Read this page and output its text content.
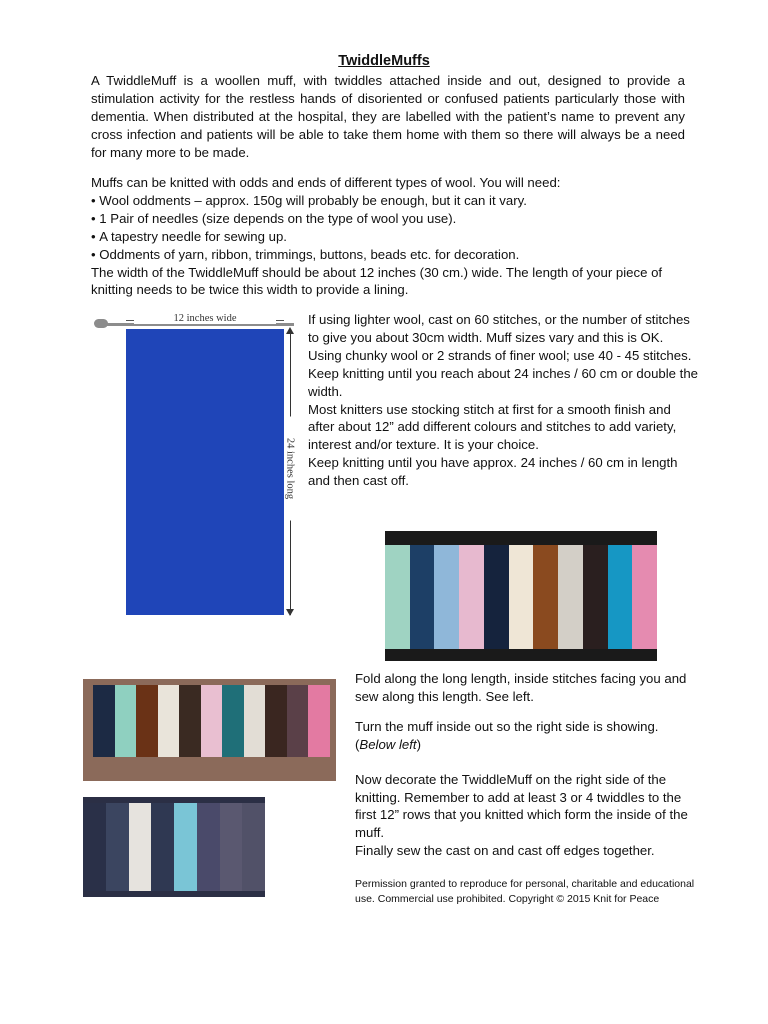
TwiddleMuffs

A TwiddleMuff is a woollen muff, with twiddles attached inside and out, designed to provide a stimulation activity for the restless hands of disoriented or confused patients particularly those with dementia. When distributed at the hospital, they are labelled with the patient’s name to prevent any cross infection and patients will be able to take them home with them so there will always be a need for many more to be made.

Muffs can be knitted with odds and ends of different types of wool. You will need:

• Wool oddments – approx. 150g will probably be enough, but it can it vary.
• 1 Pair of needles (size depends on the type of wool you use).
• A tapestry needle for sewing up.
• Oddments of yarn, ribbon, trimmings, buttons, beads etc. for decoration.

The width of the TwiddleMuff should be about 12 inches (30 cm.) wide. The length of your piece of knitting needs to be twice this width to provide a lining.

12 inches wide
24 inches long

If using lighter wool, cast on 60 stitches, or the number of stitches to give you about 30cm width. Muff sizes vary and this is OK.

Using chunky wool or 2 strands of finer wool; use 40 - 45 stitches.

Keep knitting until you reach about 24 inches / 60 cm or double the width.

Most knitters use stocking stitch at first for a smooth finish and after about 12” add different colours and stitches to add variety, interest and/or texture. It is your choice.

Keep knitting until you have approx. 24 inches / 60 cm in length and then cast off.

Fold along the long length, inside stitches facing you and sew along this length. See left.

Turn the muff inside out so the right side is showing. (Below left)

Now decorate the TwiddleMuff on the right side of the knitting. Remember to add at least 3 or 4 twiddles to the first 12” rows that you knitted which form the inside of the muff.

Finally sew the cast on and cast off edges together.

Permission granted to reproduce for personal, charitable and educational use. Commercial use prohibited. Copyright © 2015 Knit for Peace
